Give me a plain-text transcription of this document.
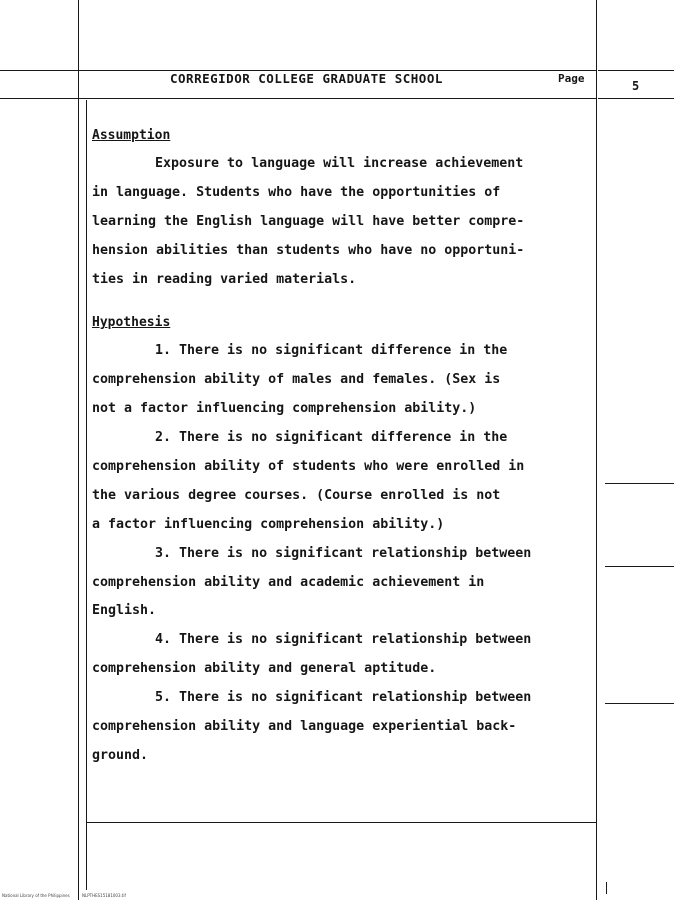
CORREGIDOR COLLEGE GRADUATE SCHOOL	Page
5
Assumption
Exposure to language will increase achievement
in language. Students who have the opportunities of
learning the English language will have better compre-
hension abilities than students who have no opportuni-
ties in reading varied materials.
Hypothesis
1. There is no significant difference in the
comprehension ability of males and females. (Sex is
not a factor influencing comprehension ability.)
2. There is no significant difference in the
comprehension ability of students who were enrolled in
the various degree courses. (Course enrolled is not
a factor influencing comprehension ability.)
3. There is no significant relationship between
comprehension ability and academic achievement in
English.
4. There is no significant relationship between
comprehension ability and general aptitude.
5. There is no significant relationship between
comprehension ability and language experiential back-
ground.
National Library of the Philippines	NLPTHES15181003.tif
